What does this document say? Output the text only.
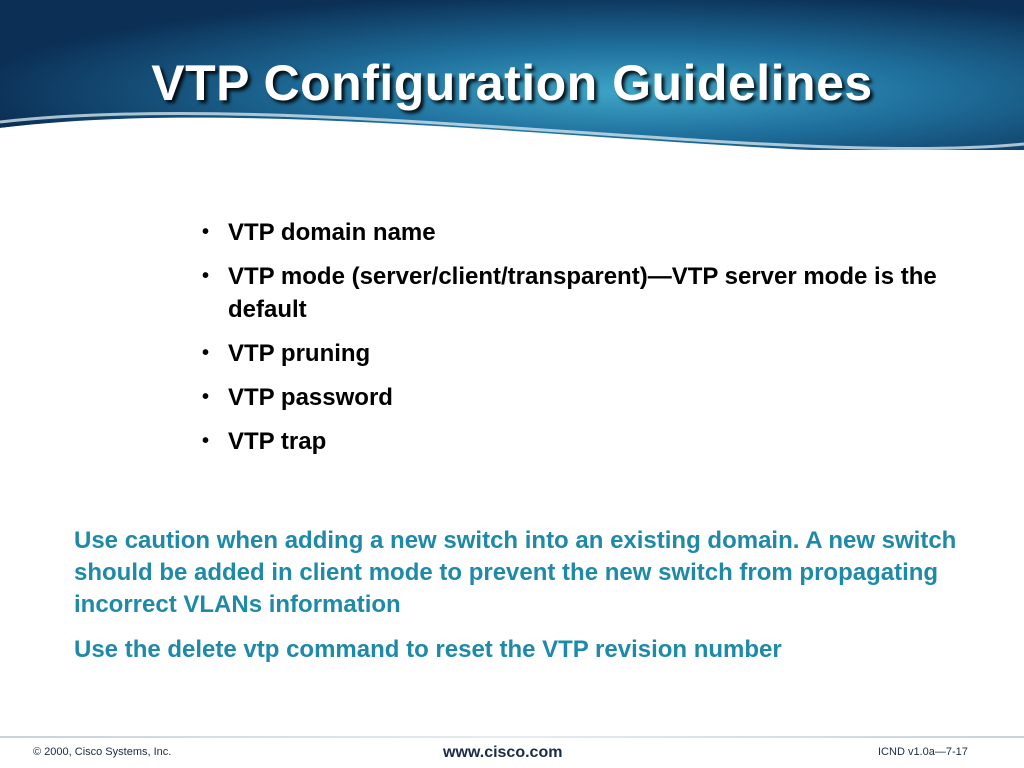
VTP Configuration Guidelines
• VTP domain name
• VTP mode (server/client/transparent)—VTP server mode is the default
• VTP pruning
• VTP password
• VTP trap

Use caution when adding a new switch into an existing domain. A new switch should be added in client mode to prevent the new switch from propagating incorrect VLANs information

Use the delete vtp command to reset the VTP revision number

© 2000, Cisco Systems, Inc.	www.cisco.com	ICND v1.0a—7-17
